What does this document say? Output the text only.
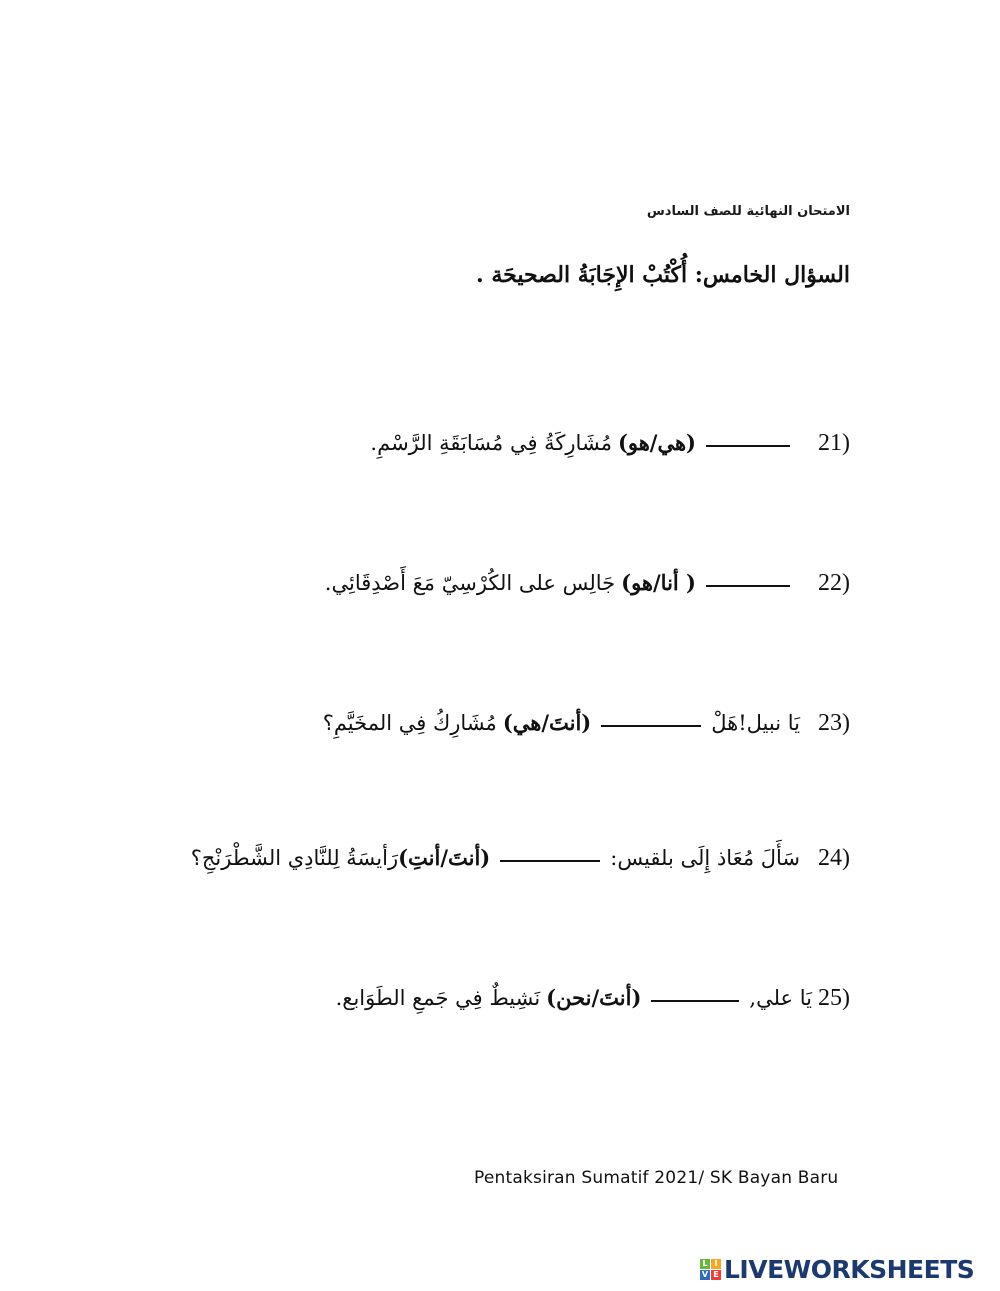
الامتحان النهائية للصف السادس
السؤال الخامس: أُكْتُبْ الإِجَابَةُ الصحيحَة .
21)
(هي/هو)
مُشَارِكَةُ فِي مُسَابَقَةِ الرَّسْمِ.
22)
( أنا/هو)
جَالِس على الكُرْسِيّ مَعَ أَصْدِقَائِي.
23)
يَا نبيل!هَلْ
(أنتَ/هي)
مُشَارِكُ فِي المخَيَّمِ؟
24)
سَأَلَ مُعَاذ إِلَى بلقيس:
(أنتَ/أنتِ)
رَأيسَةُ لِلنَّادِي الشَّطْرَنْجِ؟
25)
يَا علي,
(أنتَ/نحن)
نَشِيطٌ فِي جَمعِ الطَوَابع.
Pentaksiran Sumatif 2021/ SK Bayan Baru
L I
V E LIVEWORKSHEETS
